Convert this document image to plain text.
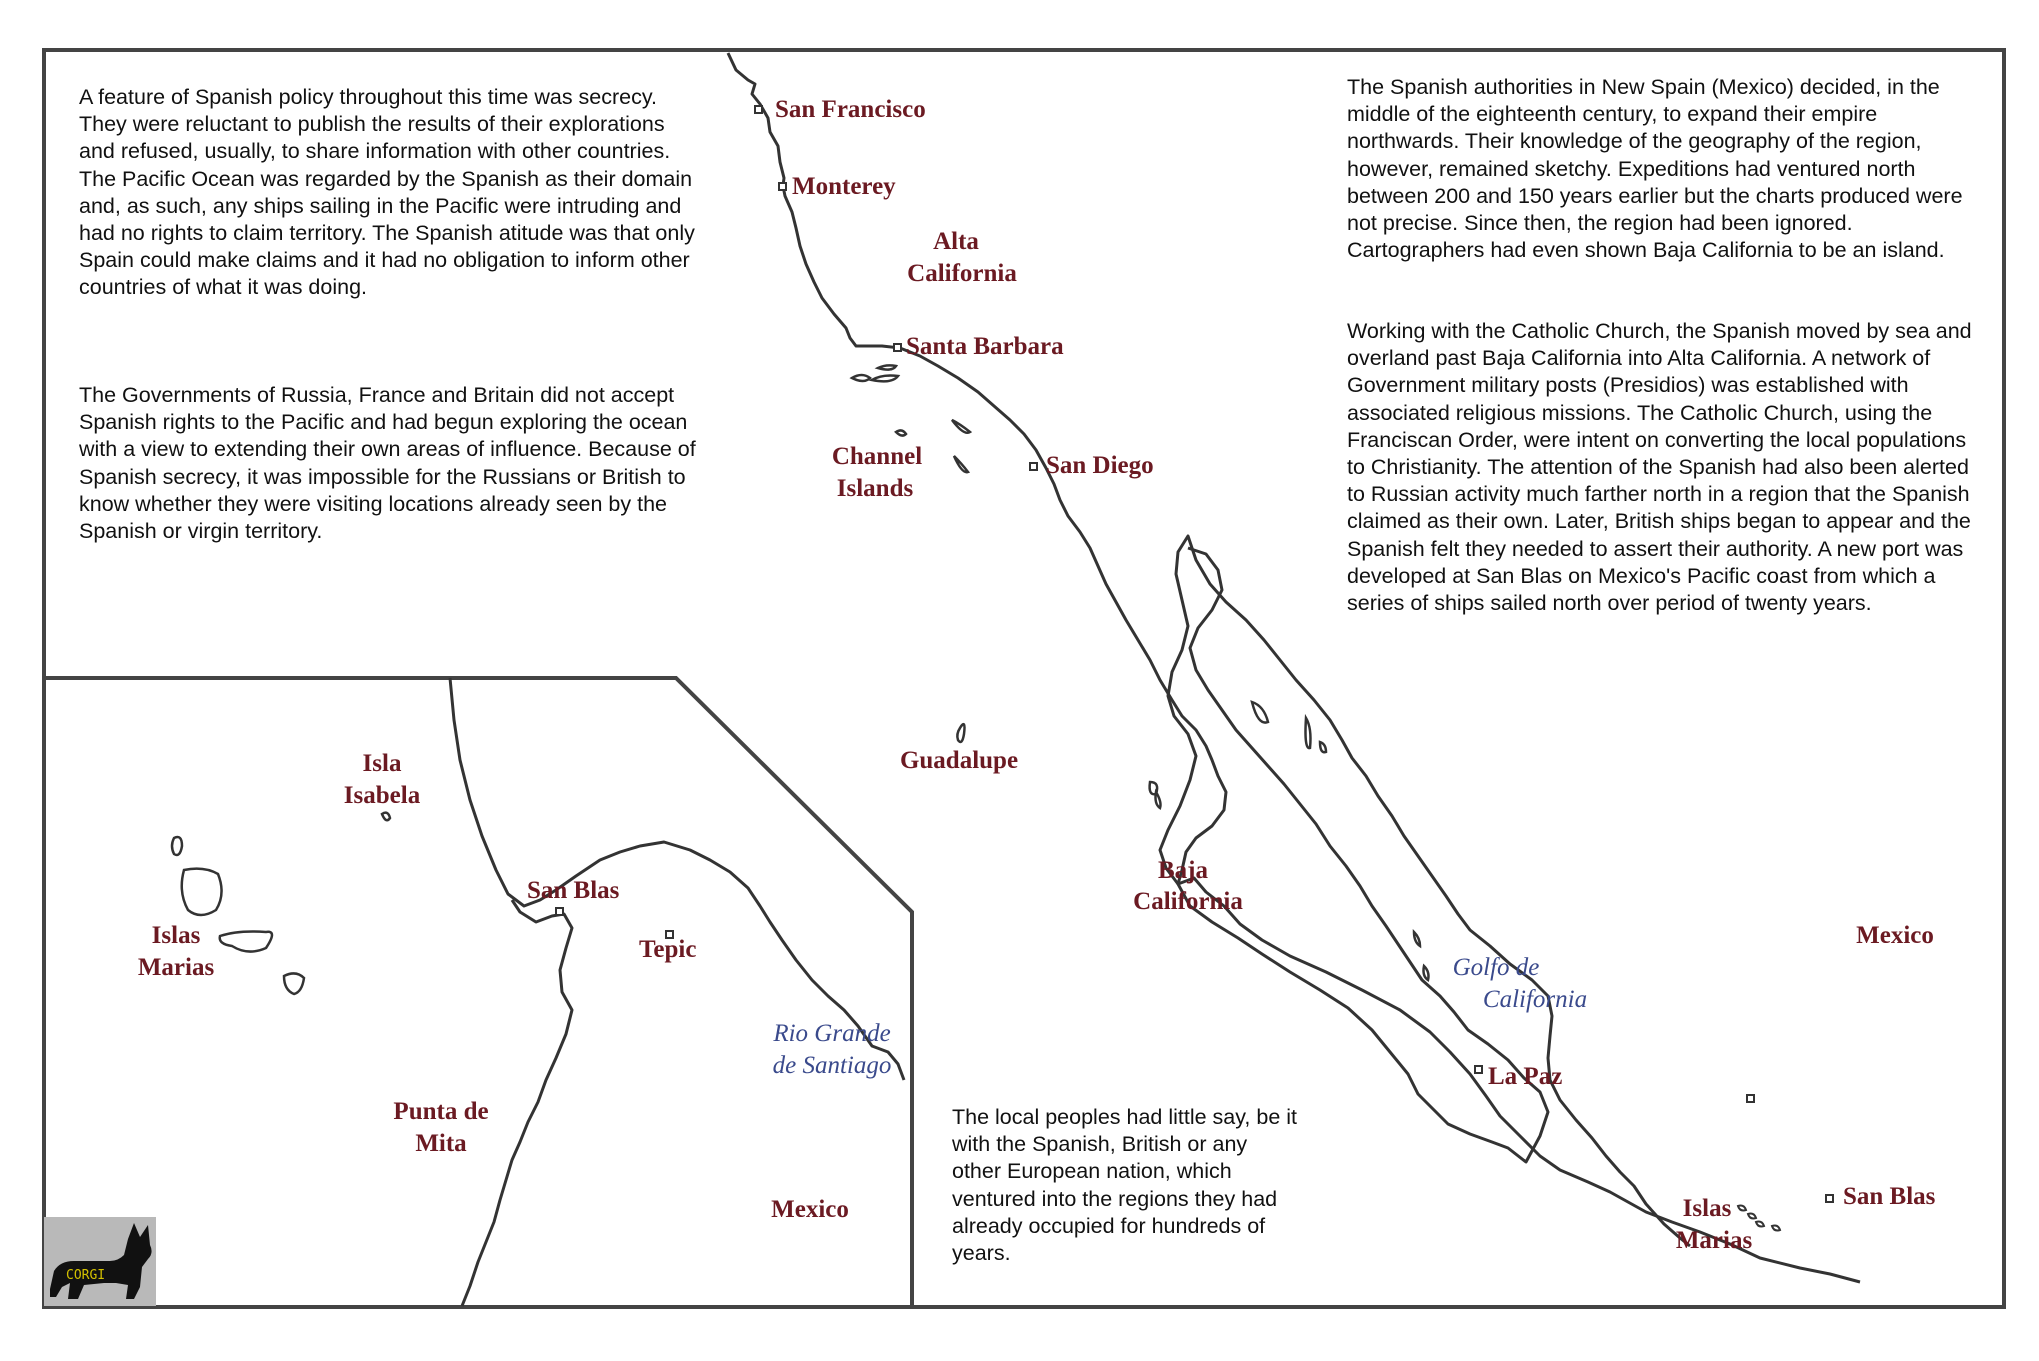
A feature of Spanish policy throughout this time was secrecy. They were reluctant to publish the results of their explorations and refused, usually, to share information with other countries. The Pacific Ocean was regarded by the Spanish as their domain and, as such, any ships sailing in the Pacific were intruding and had no rights to claim territory. The Spanish atitude was that only Spain could make claims and it had no obligation to inform other countries of what it was doing.

The Governments of Russia, France and Britain did not accept Spanish rights to the Pacific and had begun exploring the ocean with a view to extending their own areas of influence. Because of Spanish secrecy, it was impossible for the Russians or British to know whether they were visiting locations already seen by the Spanish or virgin territory.

The Spanish authorities in New Spain (Mexico) decided, in the middle of the eighteenth century, to expand their empire northwards. Their knowledge of the geography of the region, however, remained sketchy. Expeditions had ventured north between 200 and 150 years earlier but the charts produced were not precise. Since then, the region had been ignored. Cartographers had even shown Baja California to be an island.

Working with the Catholic Church, the Spanish moved by sea and overland past Baja California into Alta California. A network of Government military posts (Presidios) was established with associated religious missions. The Catholic Church, using the Franciscan Order, were intent on converting the local populations to Christianity. The attention of the Spanish had also been alerted to Russian activity much farther north in a region that the Spanish claimed as their own. Later, British ships began to appear and the Spanish felt they needed to assert their authority. A new port was developed at San Blas on Mexico's Pacific coast from which a series of ships sailed north over period of twenty years.

The local peoples had little say, be it with the Spanish, British or any other European nation, which ventured into the regions they had already occupied for hundreds of years.

San Francisco
Monterey
Alta
California
Santa Barbara
Channel
Islands
San Diego
Guadalupe
Baja
California
Golfo de
California
La Paz
Mexico
Islas
Marias
San Blas
Isla
Isabela
Islas
Marias
San Blas
Tepic
Rio Grande
de Santiago
Punta de
Mita
Mexico
CORGI
